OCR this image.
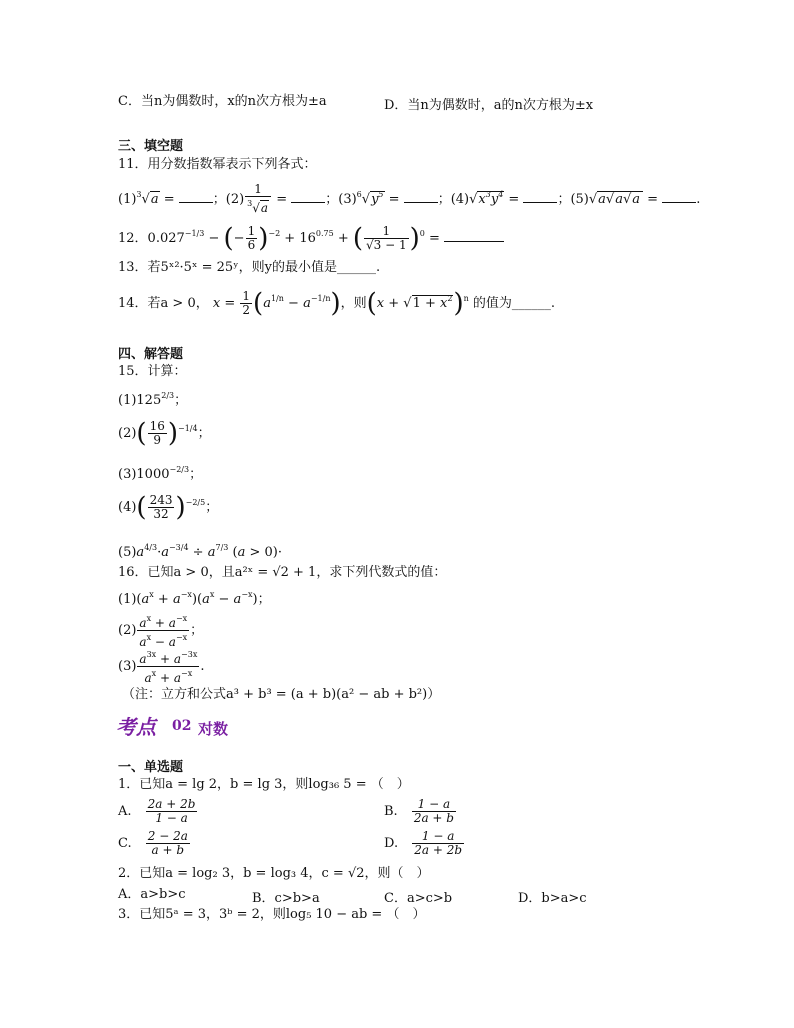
C．当n为偶数时，x的n次方根为±a	D．当n为偶数时，a的n次方根为±x
三、填空题
11．用分数指数幂表示下列各式：
$(1)^3√a$ =	；$(2) \frac{1}{^3√a}$ =	；$(3)^6√y^5$ =	；$(4)√x^3y^4$ =	；(5)√a√a√a =	.
12．$0.027^{-1/3}$ − (− $\frac{1}{6} )^{-2} + 16^{0.75}$ + ( $\frac{1}{√3 - 1} )^0$ =
13．若5ˣ²·5ˣ = 25ʸ，则y的最小值是______.
14．若a > 0， $x = \frac{1}{2} (a^{1/n} - a^{-1/n})$，则$(x + √1 + x^2)^n$ 的值为______.
四、解答题
15．计算：
$(1)125^{2/3}$；
$(2)( \frac{16}{9} )^{-1/4}$；
$(3)1000^{-2/3}$；
$(4)( \frac{243}{32} )^{-2/5}$；
$(5)a^{4/3}\cdot a^{-3/4} \div a^{7/3}$ (a > 0)·
16．已知a > 0，且a²ˣ = √2 + 1，求下列代数式的值：
$(1)(a^x + a^{-x})(a^x - a^{-x})$；
$(2) \frac{a^x + a^{-x}}{a^x - a^{-x}}$ ；
$(3) \frac{a^{3x} + a^{-3x}}{a^x + a^{-x}}$ .
（注：立方和公式a³ + b³ = (a + b)(a² − ab + b²)）
考点 02 对数
一、单选题
1．已知a = lg 2，b = lg 3，则log₃₆ 5 = （　）
A. $\frac{2a + 2b}{1 - a}$	B. $\frac{1 - a}{2a + b}$
C. $\frac{2 - 2a}{a + b}$	D. $\frac{1 - a}{2a + 2b}$
2．已知a = log₂ 3，b = log₃ 4，c = √2，则（　）
A．a>b>c	B．c>b>a	C．a>c>b	D．b>a>c
3．已知5ᵃ = 3，3ᵇ = 2，则log₅ 10 − ab = （　）
